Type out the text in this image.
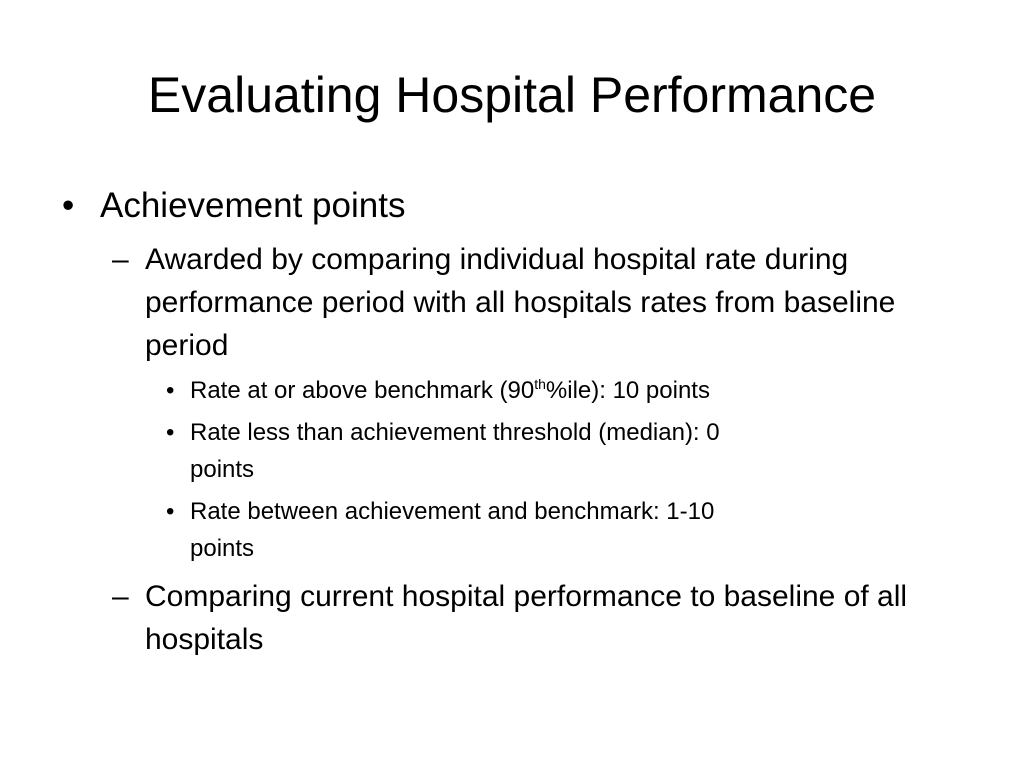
Evaluating Hospital Performance
• Achievement points
– Awarded by comparing individual hospital rate during performance period with all hospitals rates from baseline period
• Rate at or above benchmark (90th%ile): 10 points
• Rate less than achievement threshold (median): 0 points
• Rate between achievement and benchmark: 1-10 points
– Comparing current hospital performance to baseline of all hospitals
